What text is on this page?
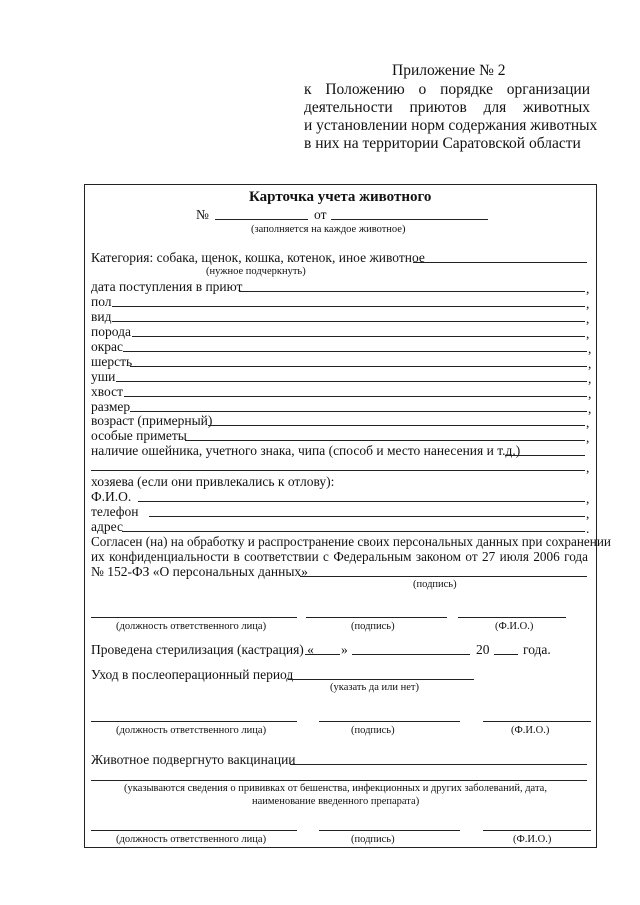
Приложение № 2
к Положению о порядке организации
деятельности приютов для животных
и установлении норм содержания животных
в них на территории Саратовской области
Карточка учета животного
№	от
(заполняется на каждое животное)
Категория: собака, щенок, кошка, котенок, иное животное
(нужное подчеркнуть)
дата поступления в приют	,
пол	,
вид	,
порода	,
окрас	,
шерсть	,
уши	,
хвост	,
размер	,
возраст (примерный)	,
особые приметы	,
наличие ошейника, учетного знака, чипа (способ и место нанесения и т.д.)
,
хозяева (если они привлекались к отлову):
Ф.И.О.	,
телефон	,
адрес	.
Согласен (на) на обработку и распространение своих персональных данных при сохранении
их конфиденциальности в соответствии с Федеральным законом от 27 июля 2006 года
№ 152-ФЗ «О персональных данных»
(подпись)
(должность ответственного лица)	(подпись)	(Ф.И.О.)
Проведена стерилизация (кастрация) « »	20 года.
Уход в послеоперационный период
(указать да или нет)
(должность ответственного лица)	(подпись)	(Ф.И.О.)
Животное подвергнуто вакцинации
(указываются сведения о прививках от бешенства, инфекционных и других заболеваний, дата,
наименование введенного препарата)
(должность ответственного лица)	(подпись)	(Ф.И.О.)
